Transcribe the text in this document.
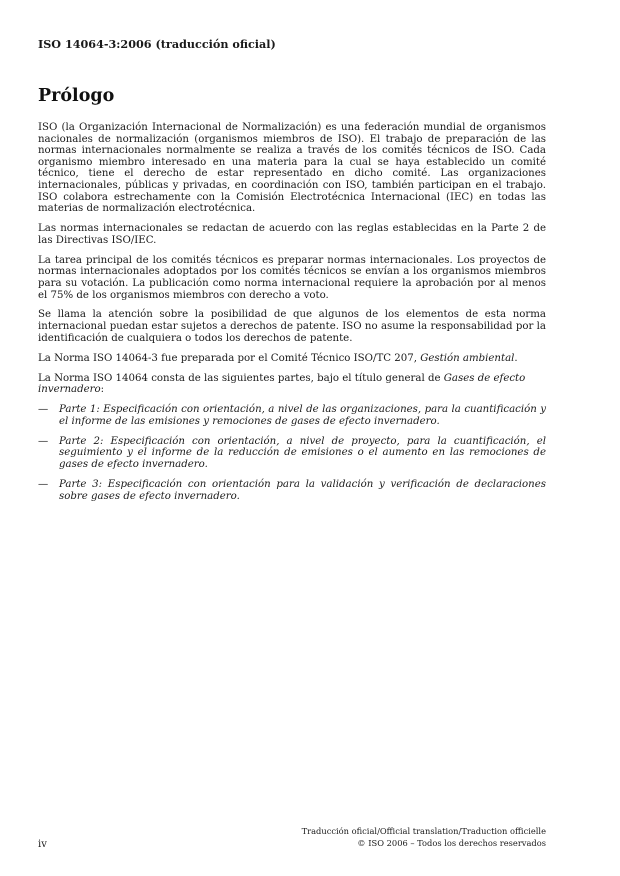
ISO 14064-3:2006 (traducción oficial)
Prólogo

ISO (la Organización Internacional de Normalización) es una federación mundial de organismos nacionales de normalización (organismos miembros de ISO). El trabajo de preparación de las normas internacionales normalmente se realiza a través de los comités técnicos de ISO. Cada organismo miembro interesado en una materia para la cual se haya establecido un comité técnico, tiene el derecho de estar representado en dicho comité. Las organizaciones internacionales, públicas y privadas, en coordinación con ISO, también participan en el trabajo. ISO colabora estrechamente con la Comisión Electrotécnica Internacional (IEC) en todas las materias de normalización electrotécnica.

Las normas internacionales se redactan de acuerdo con las reglas establecidas en la Parte 2 de las Directivas ISO/IEC.

La tarea principal de los comités técnicos es preparar normas internacionales. Los proyectos de normas internacionales adoptados por los comités técnicos se envían a los organismos miembros para su votación. La publicación como norma internacional requiere la aprobación por al menos el 75% de los organismos miembros con derecho a voto.

Se llama la atención sobre la posibilidad de que algunos de los elementos de esta norma internacional puedan estar sujetos a derechos de patente. ISO no asume la responsabilidad por la identificación de cualquiera o todos los derechos de patente.

La Norma ISO 14064-3 fue preparada por el Comité Técnico ISO/TC 207, Gestión ambiental.

La Norma ISO 14064 consta de las siguientes partes, bajo el título general de Gases de efecto invernadero:

—	Parte 1: Especificación con orientación, a nivel de las organizaciones, para la cuantificación y el informe de las emisiones y remociones de gases de efecto invernadero.
—	Parte 2: Especificación con orientación, a nivel de proyecto, para la cuantificación, el seguimiento y el informe de la reducción de emisiones o el aumento en las remociones de gases de efecto invernadero.
—	Parte 3: Especificación con orientación para la validación y verificación de declaraciones sobre gases de efecto invernadero.
Traducción oficial/Official translation/Traduction officielle
© ISO 2006 – Todos los derechos reservados
iv
